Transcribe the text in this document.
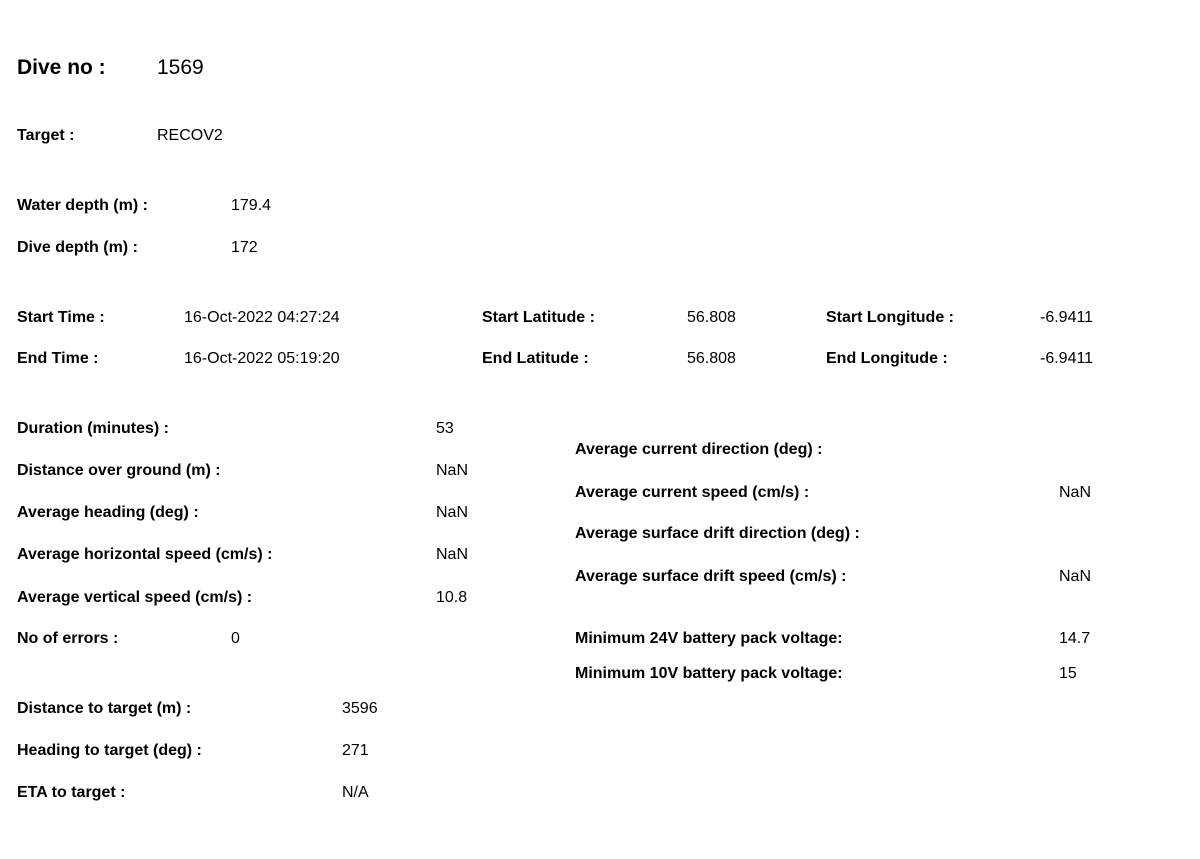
Dive no : 1569
Target :	RECOV2
Water depth (m) :	179.4
Dive depth (m) :	172
Start Time :	16-Oct-2022 04:27:24	Start Latitude :	56.808	Start Longitude :	-6.9411
End Time :	16-Oct-2022 05:19:20	End Latitude :	56.808	End Longitude :	-6.9411
Duration (minutes) :	53
Distance over ground (m) :	NaN
Average heading (deg) :	NaN
Average horizontal speed (cm/s) :	NaN
Average vertical speed (cm/s) :	10.8
No of errors :	0
Average current direction (deg) :
Average current speed (cm/s) :	NaN
Average surface drift direction (deg) :
Average surface drift speed (cm/s) :	NaN
Minimum 24V battery pack voltage:	14.7
Minimum 10V battery pack voltage:	15
Distance to target (m) :	3596
Heading to target (deg) :	271
ETA to target :	N/A
